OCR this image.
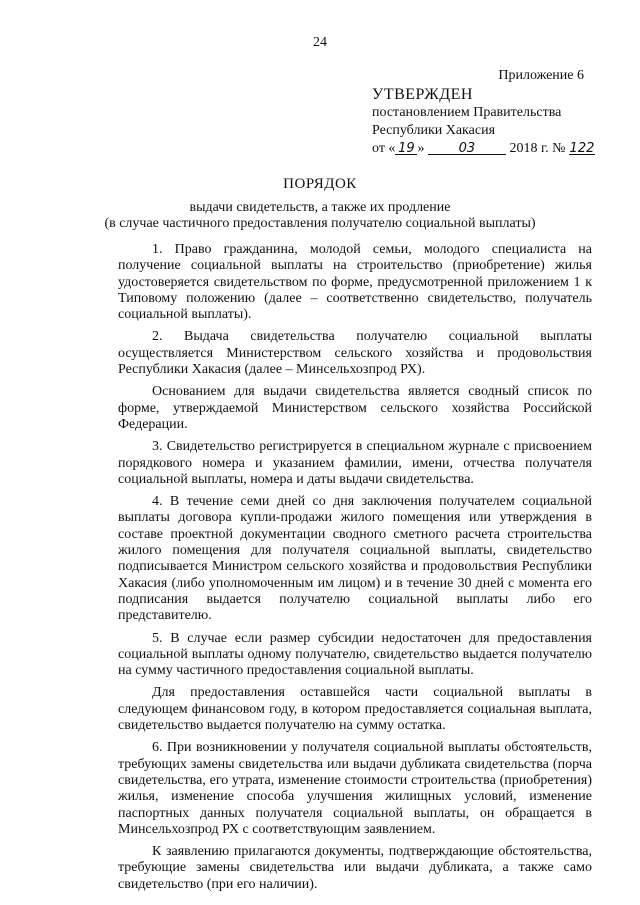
24
Приложение 6
УТВЕРЖДЕН
постановлением Правительства
Республики Хакасия
от « 19 »	03 2018 г. № 122
ПОРЯДОК
выдачи свидетельств, а также их продление
(в случае частичного предоставления получателю социальной выплаты)

1. Право гражданина, молодой семьи, молодого специалиста на получение социальной выплаты на строительство (приобретение) жилья удостоверяется свидетельством по форме, предусмотренной приложением 1 к Типовому положению (далее – соответственно свидетельство, получатель социальной выплаты).

2. Выдача свидетельства получателю социальной выплаты осуществляется Министерством сельского хозяйства и продовольствия Республики Хакасия (далее – Минсельхозпрод РХ).

Основанием для выдачи свидетельства является сводный список по форме, утверждаемой Министерством сельского хозяйства Российской Федерации.

3. Свидетельство регистрируется в специальном журнале с присвоением порядкового номера и указанием фамилии, имени, отчества получателя социальной выплаты, номера и даты выдачи свидетельства.

4. В течение семи дней со дня заключения получателем социальной выплаты договора купли-продажи жилого помещения или утверждения в составе проектной документации сводного сметного расчета строительства жилого помещения для получателя социальной выплаты, свидетельство подписывается Министром сельского хозяйства и продовольствия Республики Хакасия (либо уполномоченным им лицом) и в течение 30 дней с момента его подписания выдается получателю социальной выплаты либо его представителю.

5. В случае если размер субсидии недостаточен для предоставления социальной выплаты одному получателю, свидетельство выдается получателю на сумму частичного предоставления социальной выплаты.

Для предоставления оставшейся части социальной выплаты в следующем финансовом году, в котором предоставляется социальная выплата, свидетельство выдается получателю на сумму остатка.

6. При возникновении у получателя социальной выплаты обстоятельств, требующих замены свидетельства или выдачи дубликата свидетельства (порча свидетельства, его утрата, изменение стоимости строительства (приобретения) жилья, изменение способа улучшения жилищных условий, изменение паспортных данных получателя социальной выплаты, он обращается в Минсельхозпрод РХ с соответствующим заявлением.

К заявлению прилагаются документы, подтверждающие обстоятельства, требующие замены свидетельства или выдачи дубликата, а также само свидетельство (при его наличии).
